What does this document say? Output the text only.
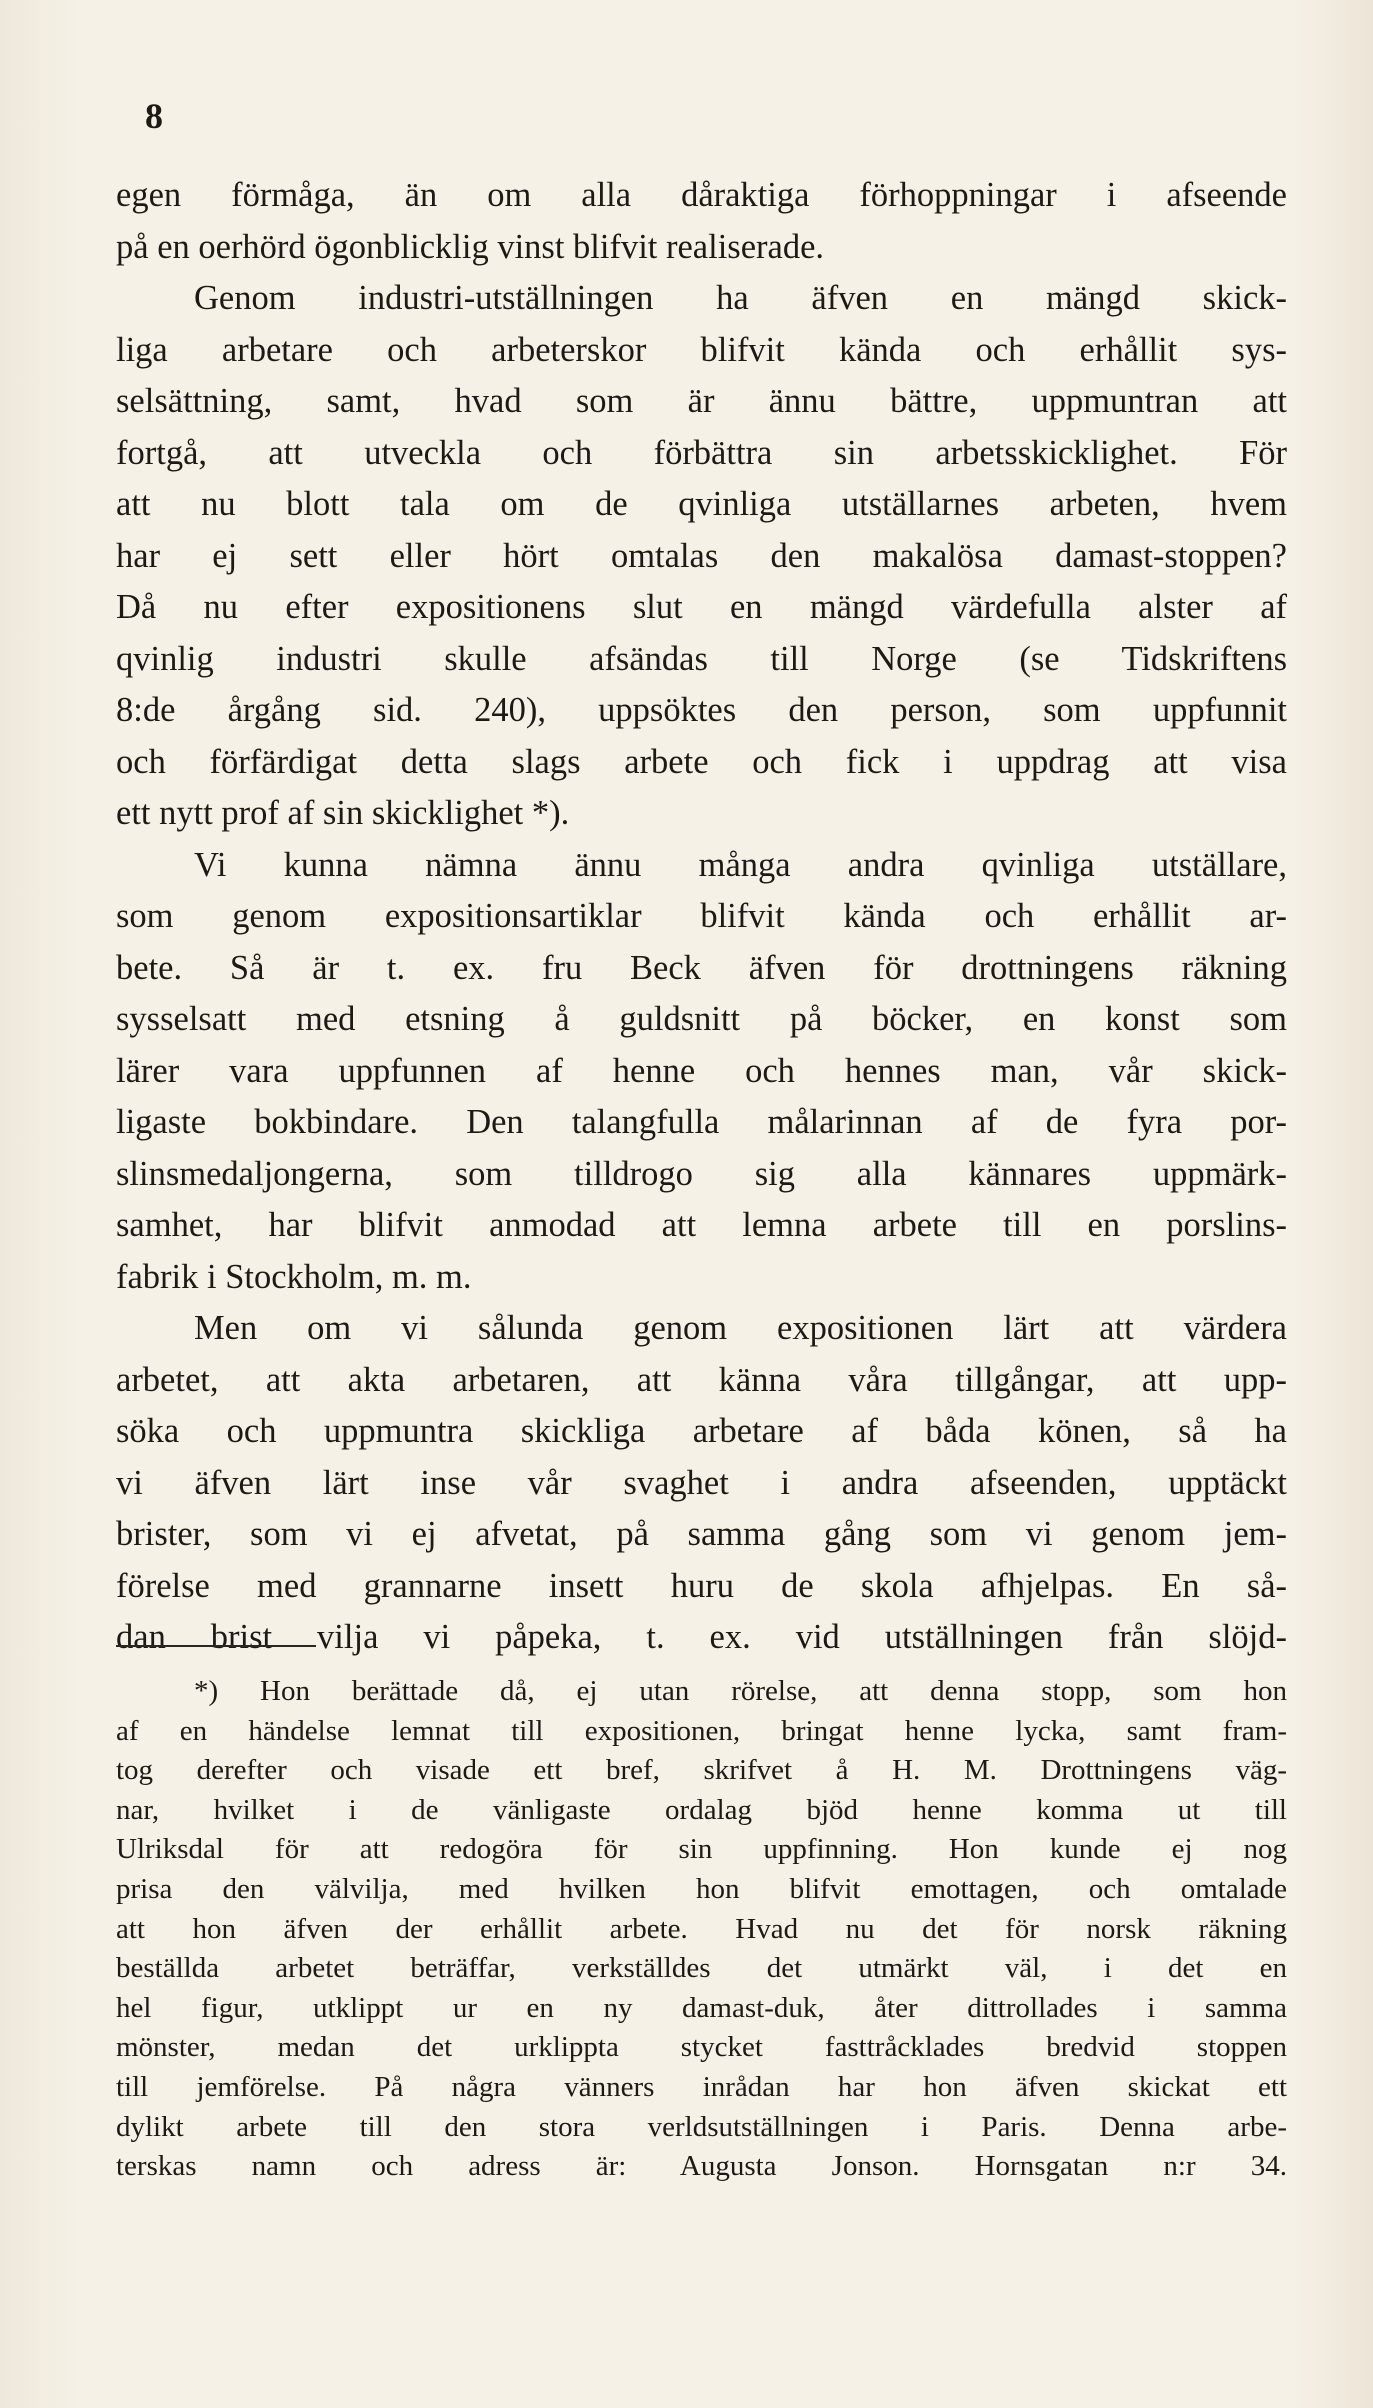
8
egen förmåga, än om alla dåraktiga förhoppningar i afseende
på en oerhörd ögonblicklig vinst blifvit realiserade.
Genom industri-utställningen ha äfven en mängd skick-
liga arbetare och arbeterskor blifvit kända och erhållit sys-
selsättning, samt, hvad som är ännu bättre, uppmuntran att
fortgå, att utveckla och förbättra sin arbetsskicklighet. För
att nu blott tala om de qvinliga utställarnes arbeten, hvem
har ej sett eller hört omtalas den makalösa damast-stoppen?
Då nu efter expositionens slut en mängd värdefulla alster af
qvinlig industri skulle afsändas till Norge (se Tidskriftens
8:de årgång sid. 240), uppsöktes den person, som uppfunnit
och förfärdigat detta slags arbete och fick i uppdrag att visa
ett nytt prof af sin skicklighet *).
Vi kunna nämna ännu många andra qvinliga utställare,
som genom expositionsartiklar blifvit kända och erhållit ar-
bete. Så är t. ex. fru Beck äfven för drottningens räkning
sysselsatt med etsning å guldsnitt på böcker, en konst som
lärer vara uppfunnen af henne och hennes man, vår skick-
ligaste bokbindare. Den talangfulla målarinnan af de fyra por-
slinsmedaljongerna, som tilldrogo sig alla kännares uppmärk-
samhet, har blifvit anmodad att lemna arbete till en porslins-
fabrik i Stockholm, m. m.
Men om vi sålunda genom expositionen lärt att värdera
arbetet, att akta arbetaren, att känna våra tillgångar, att upp-
söka och uppmuntra skickliga arbetare af båda könen, så ha
vi äfven lärt inse vår svaghet i andra afseenden, upptäckt
brister, som vi ej afvetat, på samma gång som vi genom jem-
förelse med grannarne insett huru de skola afhjelpas. En så-
dan brist vilja vi påpeka, t. ex. vid utställningen från slöjd-
*) Hon berättade då, ej utan rörelse, att denna stopp, som hon
af en händelse lemnat till expositionen, bringat henne lycka, samt fram-
tog derefter och visade ett bref, skrifvet å H. M. Drottningens väg-
nar, hvilket i de vänligaste ordalag bjöd henne komma ut till
Ulriksdal för att redogöra för sin uppfinning. Hon kunde ej nog
prisa den välvilja, med hvilken hon blifvit emottagen, och omtalade
att hon äfven der erhållit arbete. Hvad nu det för norsk räkning
beställda arbetet beträffar, verkställdes det utmärkt väl, i det en
hel figur, utklippt ur en ny damast-duk, åter dittrollades i samma
mönster, medan det urklippta stycket fasttråcklades bredvid stoppen
till jemförelse. På några vänners inrådan har hon äfven skickat ett
dylikt arbete till den stora verldsutställningen i Paris. Denna arbe-
terskas namn och adress är: Augusta Jonson. Hornsgatan n:r 34.
